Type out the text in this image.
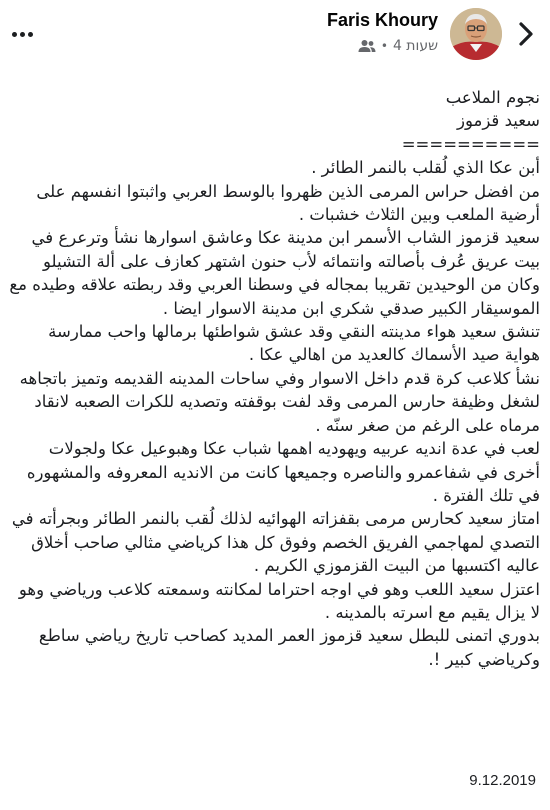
Faris Khoury
4 שעות
•

نجوم الملاعب

سعيد قزموز

==========

أبن عكا الذي لُقلب بالنمر الطائر .

من افضل حراس المرمى الذين ظهروا بالوسط العربي واثبتوا انفسهم على أرضية الملعب وبين الثلاث خشبات .

سعيد قزموز الشاب الأسمر ابن مدينة عكا وعاشق اسوارها نشأ وترعرع في بيت عريق عُرف بأصالته وانتمائه لأب حنون اشتهر كعازف على ألة التشيلو وكان من الوحيدين تقريبا بمجاله في وسطنا العربي وقد ربطته علاقه وطيده مع الموسيقار الكبير صدقي شكري ابن مدينة الاسوار ايضا .

تنشق سعيد هواء مدينته النقي وقد عشق شواطئها برمالها واحب ممارسة هواية صيد الأسماك كالعديد من اهالي عكا .

نشأ كلاعب كرة قدم داخل الاسوار وفي ساحات المدينه القديمه وتميز باتجاهه لشغل وظيفة حارس المرمى وقد لفت بوقفته وتصديه للكرات الصعبه لانقاد مرماه على الرغم من صغر سنّه .

لعب في عدة انديه عربيه ويهوديه اهمها شباب عكا وهبوعيل عكا ولجولات أخرى في شفاعمرو والناصره وجميعها كانت من الانديه المعروفه والمشهوره في تلك الفترة .

امتاز سعيد كحارس مرمى بقفزاته الهوائيه لذلك لُقب بالنمر الطائر وبجرأته في التصدي لمهاجمي الفريق الخصم وفوق كل هذا كرياضي مثالي صاحب أخلاق عاليه اكتسبها من البيت القزموزي الكريم .

اعتزل سعيد اللعب وهو في اوجه احتراما لمكانته وسمعته كلاعب ورياضي وهو لا يزال يقيم مع اسرته بالمدينه .

بدوري اتمنى للبطل سعيد قزموز العمر المديد كصاحب تاريخ رياضي ساطع وكرياضي كبير !.

9.12.2019
